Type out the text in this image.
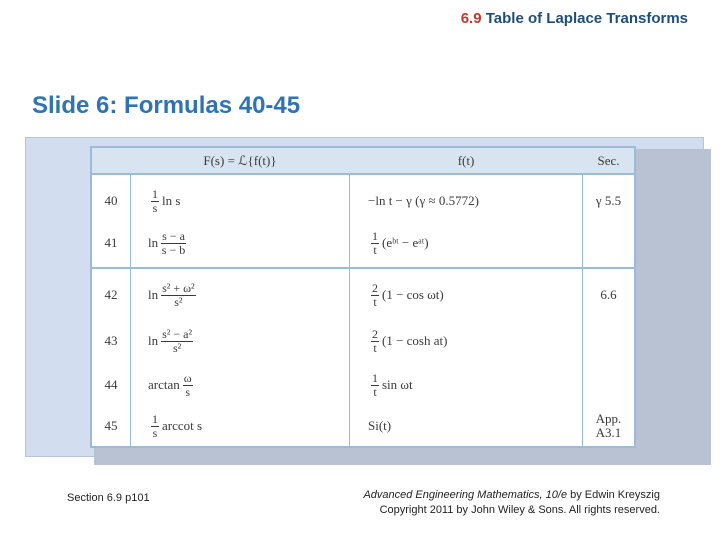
6.9 Table of Laplace Transforms
Slide 6: Formulas 40-45
F(s) = ℒ{f(t)}	f(t)	Sec.
40	$\frac{1}{s}$ ln s	−ln t − γ (γ ≈ 0.5772)	γ 5.5
41	$\ln \frac{s - a}{s - b}$	$\frac{1}{t}$ (eᵇᵗ − eᵃᵗ)
42	$\ln \frac{\text{s² + ω²}}{\text{s²}}$	$\frac{2}{t} (1 - \cos \omega t)$	6.6
43	$\ln \frac{\text{s² − a²}}{\text{s²}}$	$\frac{2}{t} (1 - \cosh at)$
44	$\arctan \frac{\omega}{s}$	$\frac{1}{t}$ sin ωt
45	$\frac{1}{s}$ arccot s	Si(t)	App. A3.1
Section 6.9 p101	Advanced Engineering Mathematics, 10/e by Edwin Kreyszig
Copyright 2011 by John Wiley & Sons. All rights reserved.
